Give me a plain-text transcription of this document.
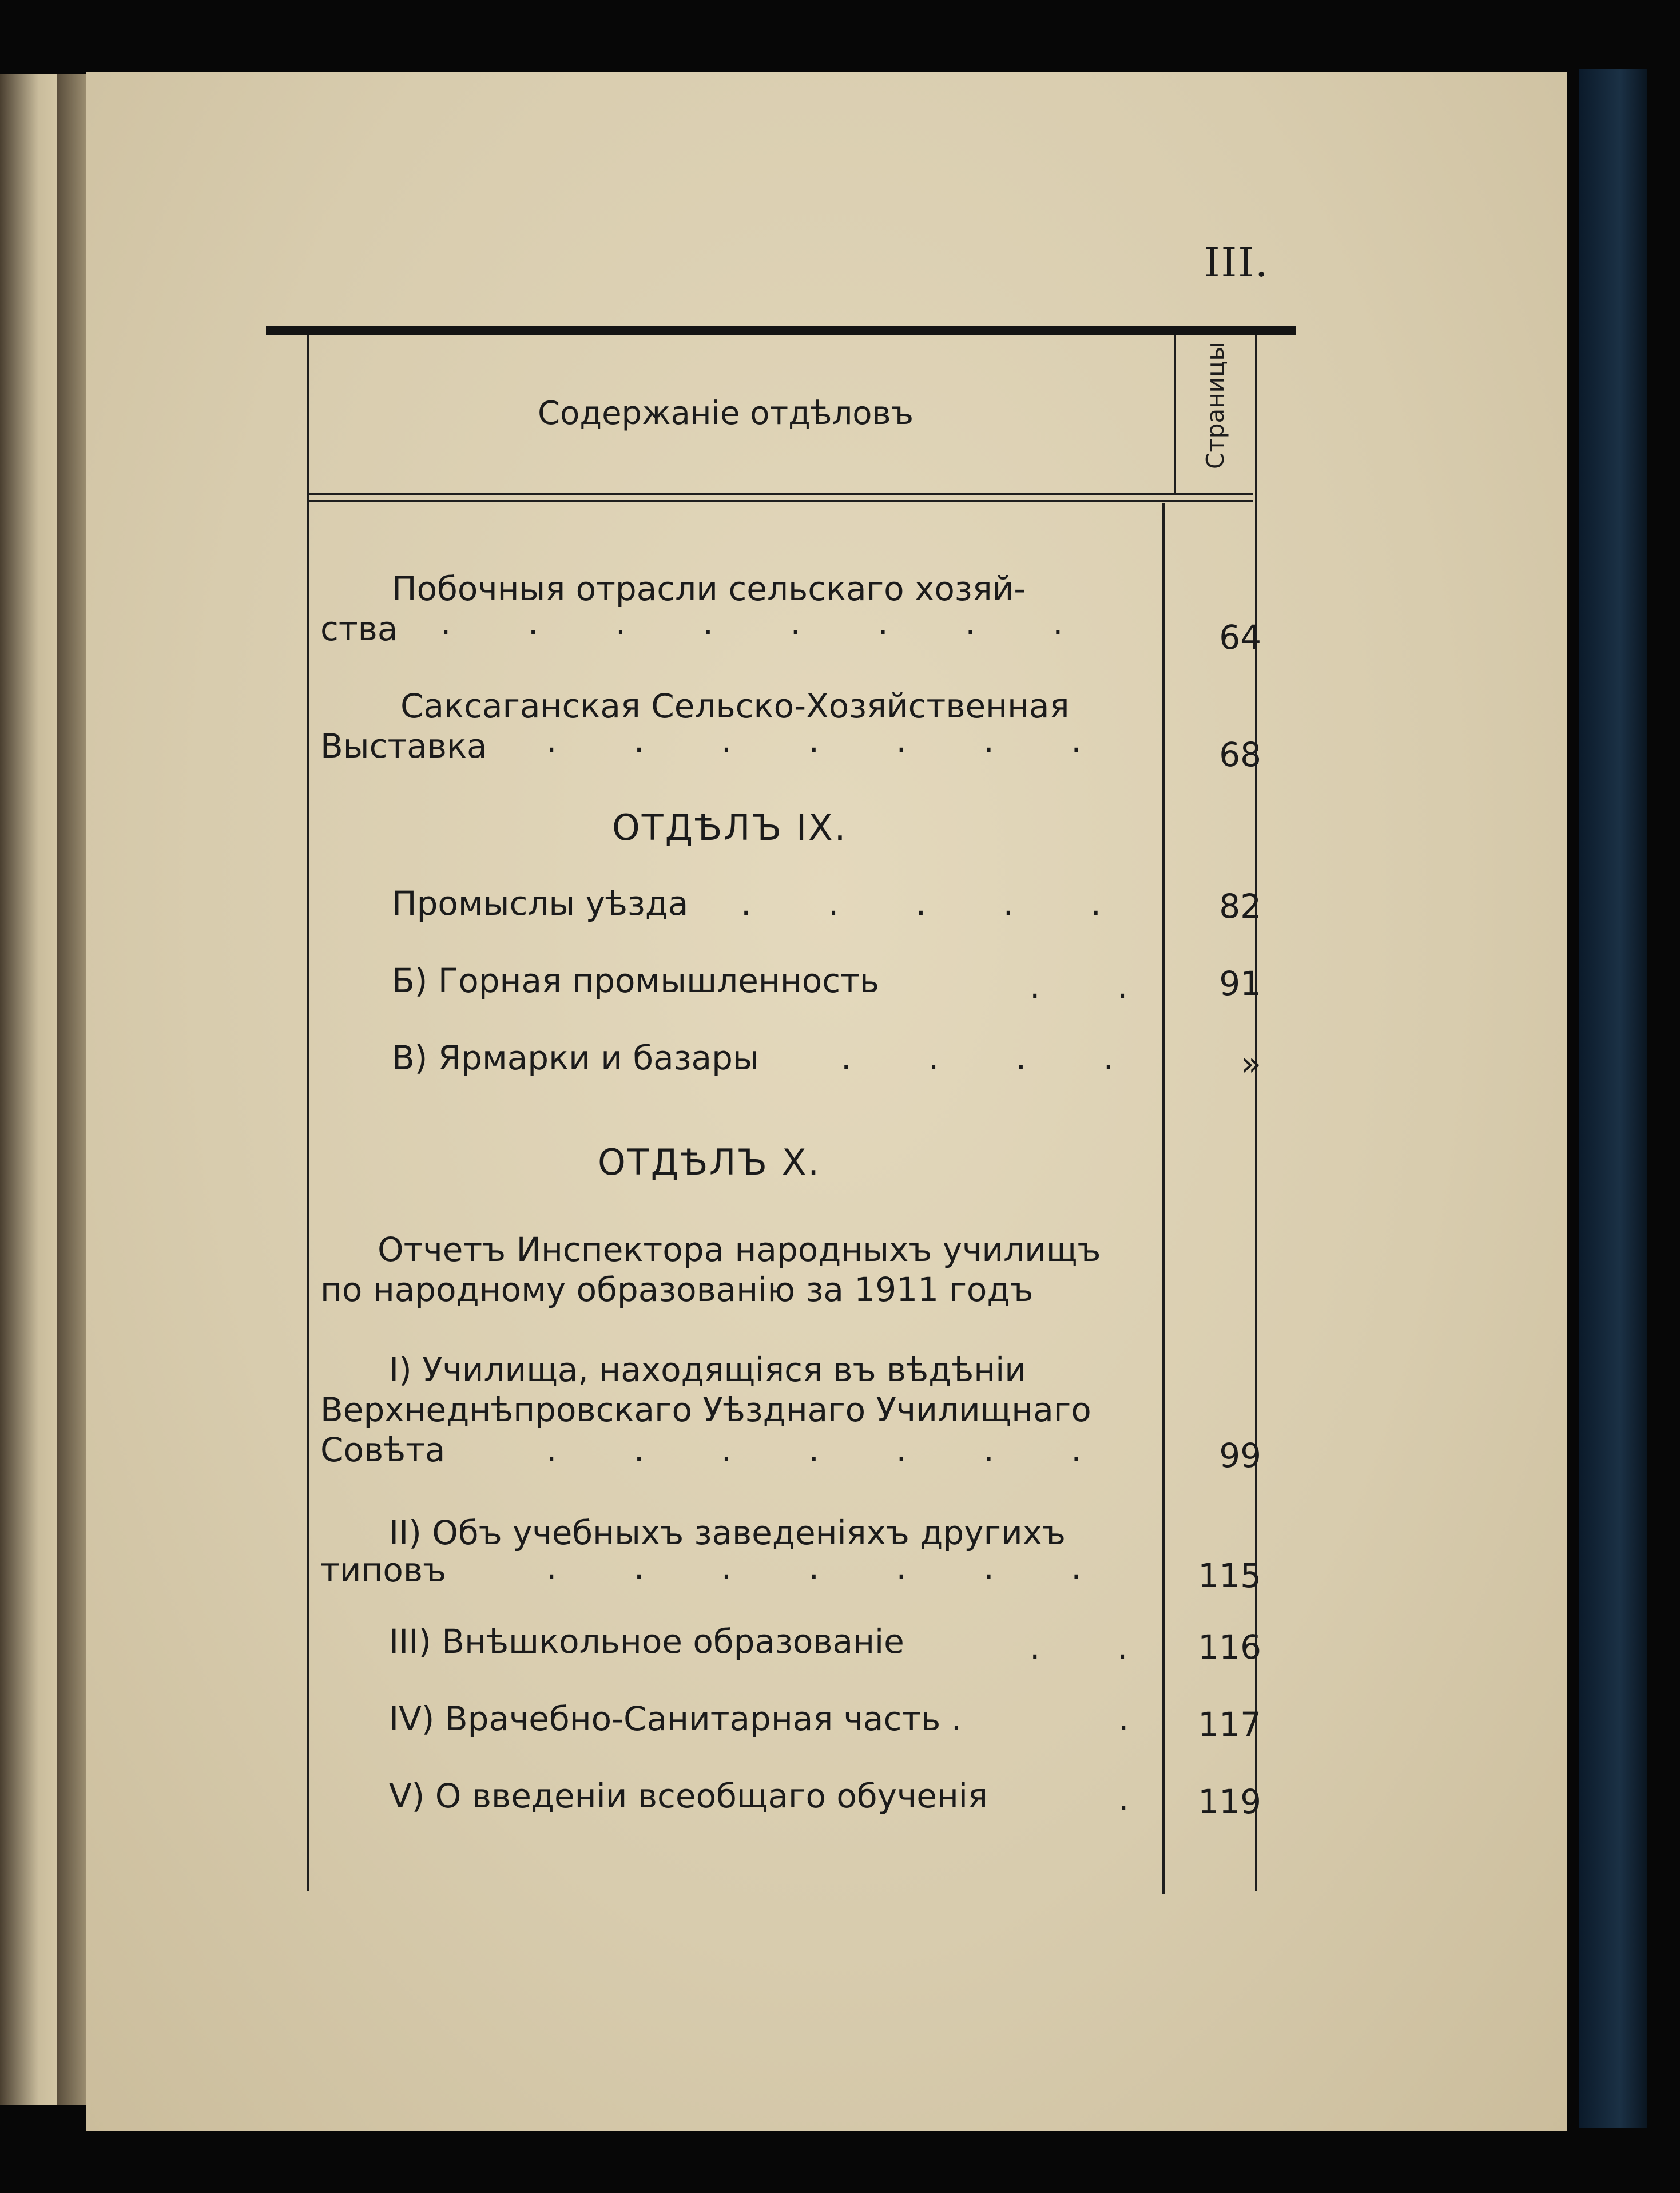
III.
Содержаніе отдѣловъ	Страницы
Побочныя отрасли сельскаго хозяй-
ства . . . . . . . .	64
Саксаганская Сельско-Хозяйственная
Выставка . . . . . . .	68
ОТДѢЛЪ IX.
Промыслы уѣзда . . . . .	82
Б) Горная промышленность	. .	91
В) Ярмарки и базары . . . .	»
ОТДѢЛЪ X.
Отчетъ Инспектора народныхъ училищъ
по народному образованію за 1911 годъ
I) Училища, находящіяся въ вѣдѣніи
Верхнеднѣпровскаго Уѣзднаго Училищнаго
Совѣта	. . . . . . .	99
II) Объ учебныхъ заведеніяхъ другихъ
типовъ	. . . . . . .	115
III) Внѣшкольное образованіе	. . 116
IV) Врачебно-Санитарная часть .	. 117
V) О введеніи всеобщаго обученія	. 119
